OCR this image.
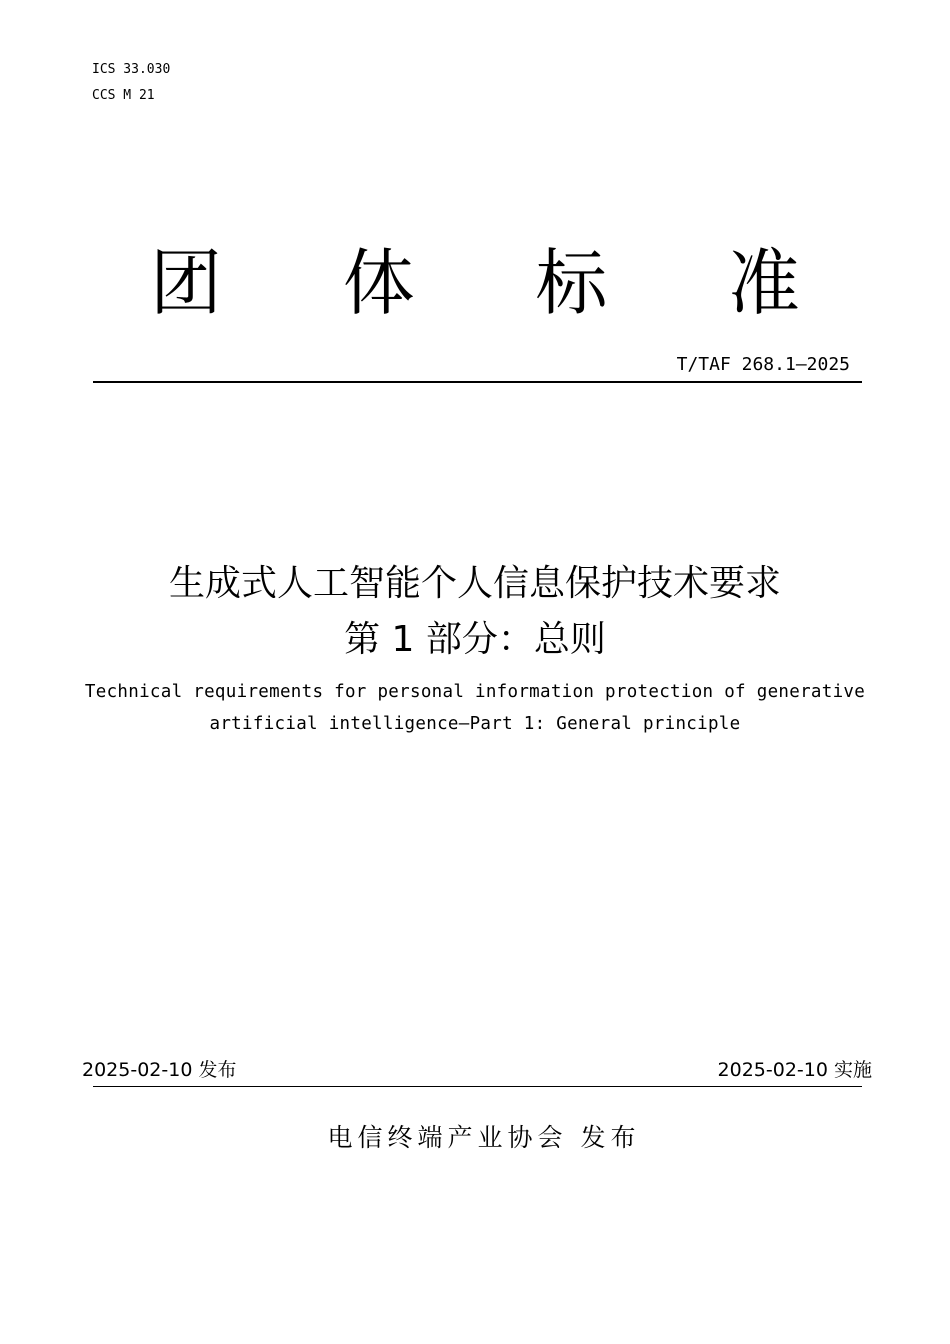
ICS 33.030
CCS M 21
团 体 标 准
T/TAF 268.1—2025
生成式人工智能个人信息保护技术要求
第 1 部分：总则
Technical requirements for personal information protection of generative
artificial intelligence—Part 1: General principle
2025-02-10 发布	2025-02-10 实施
电信终端产业协会 发布
